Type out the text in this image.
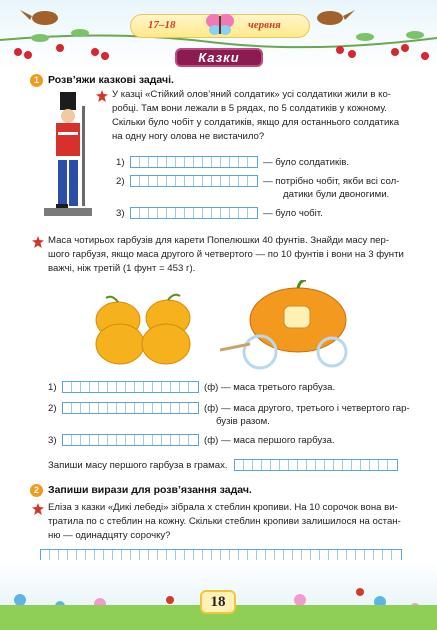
17–18	червня
Казки
1 Розв’яжи казкові задачі.
У казці «Стійкий олов’яний солдатик» усі солдатики жили в ко-
робці. Там вони лежали в 5 рядах, по 5 солдатиків у кожному.
Скільки було чобіт у солдатиків, якщо для останнього солдатика
на одну ногу олова не вистачило?
1)	— було солдатиків.
2)	— потрібно чобіт, якби всі сол-
датики були двоногими.
3)	— було чобіт.
Маса чотирьох гарбузів для карети Попелюшки 40 фунтів. Знайди масу пер-
шого гарбузя, якщо маса другого й четвертого — по 10 фунтів і вони на 3 фунти
важчі, ніж третій (1 фунт = 453 г).
1)	(ф) — маса третього гарбуза.
2)	(ф) — маса другого, третього і четвертого гар-
бузів разом.
3)	(ф) — маса першого гарбуза.
Запиши масу першого гарбуза в грамах.
2 Запиши вирази для розв’язання задач.
Еліза з казки «Дикі лебеді» зібрала x стеблин кропиви. На 10 сорочок вона ви-
тратила по c стеблин на кожну. Скільки стеблин кропиви залишилося на остан-
ню — одинадцяту сорочку?
18
